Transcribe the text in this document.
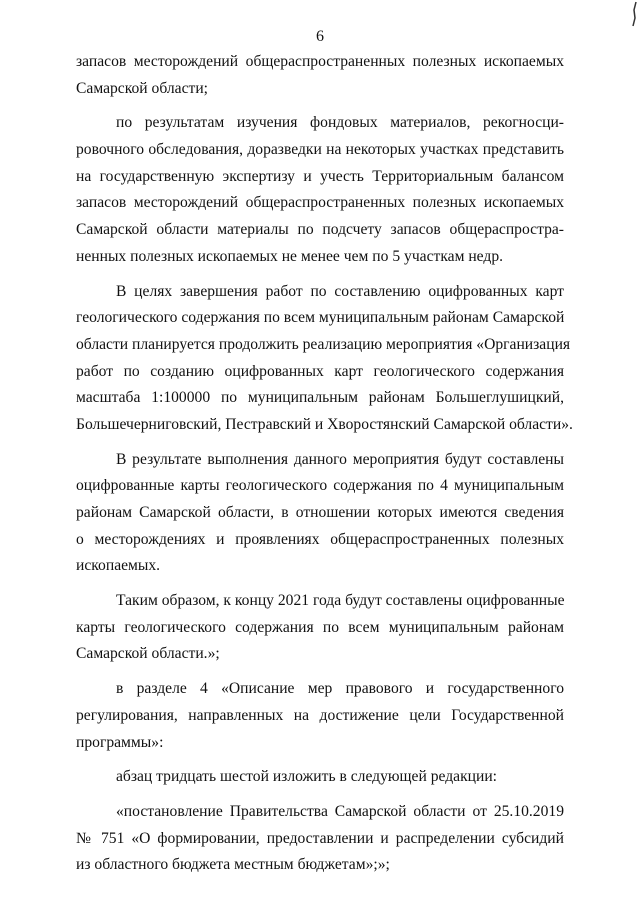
6
запасов месторождений общераспространенных полезных ископаемых
Самарской области;
по результатам изучения фондовых материалов, рекогносци-
ровочного обследования, доразведки на некоторых участках представить
на государственную экспертизу и учесть Территориальным балансом
запасов месторождений общераспространенных полезных ископаемых
Самарской области материалы по подсчету запасов общераспростра-
ненных полезных ископаемых не менее чем по 5 участкам недр.
В целях завершения работ по составлению оцифрованных карт
геологического содержания по всем муниципальным районам Самарской
области планируется продолжить реализацию мероприятия «Организация
работ по созданию оцифрованных карт геологического содержания
масштаба 1:100000 по муниципальным районам Большеглушицкий,
Большечерниговский, Пестравский и Хворостянский Самарской области».
В результате выполнения данного мероприятия будут составлены
оцифрованные карты геологического содержания по 4 муниципальным
районам Самарской области, в отношении которых имеются сведения
о месторождениях и проявлениях общераспространенных полезных
ископаемых.
Таким образом, к концу 2021 года будут составлены оцифрованные
карты геологического содержания по всем муниципальным районам
Самарской области.»;
в разделе 4 «Описание мер правового и государственного
регулирования, направленных на достижение цели Государственной
программы»:
абзац тридцать шестой изложить в следующей редакции:
«постановление Правительства Самарской области от 25.10.2019
№ 751 «О формировании, предоставлении и распределении субсидий
из областного бюджета местным бюджетам»;»;
